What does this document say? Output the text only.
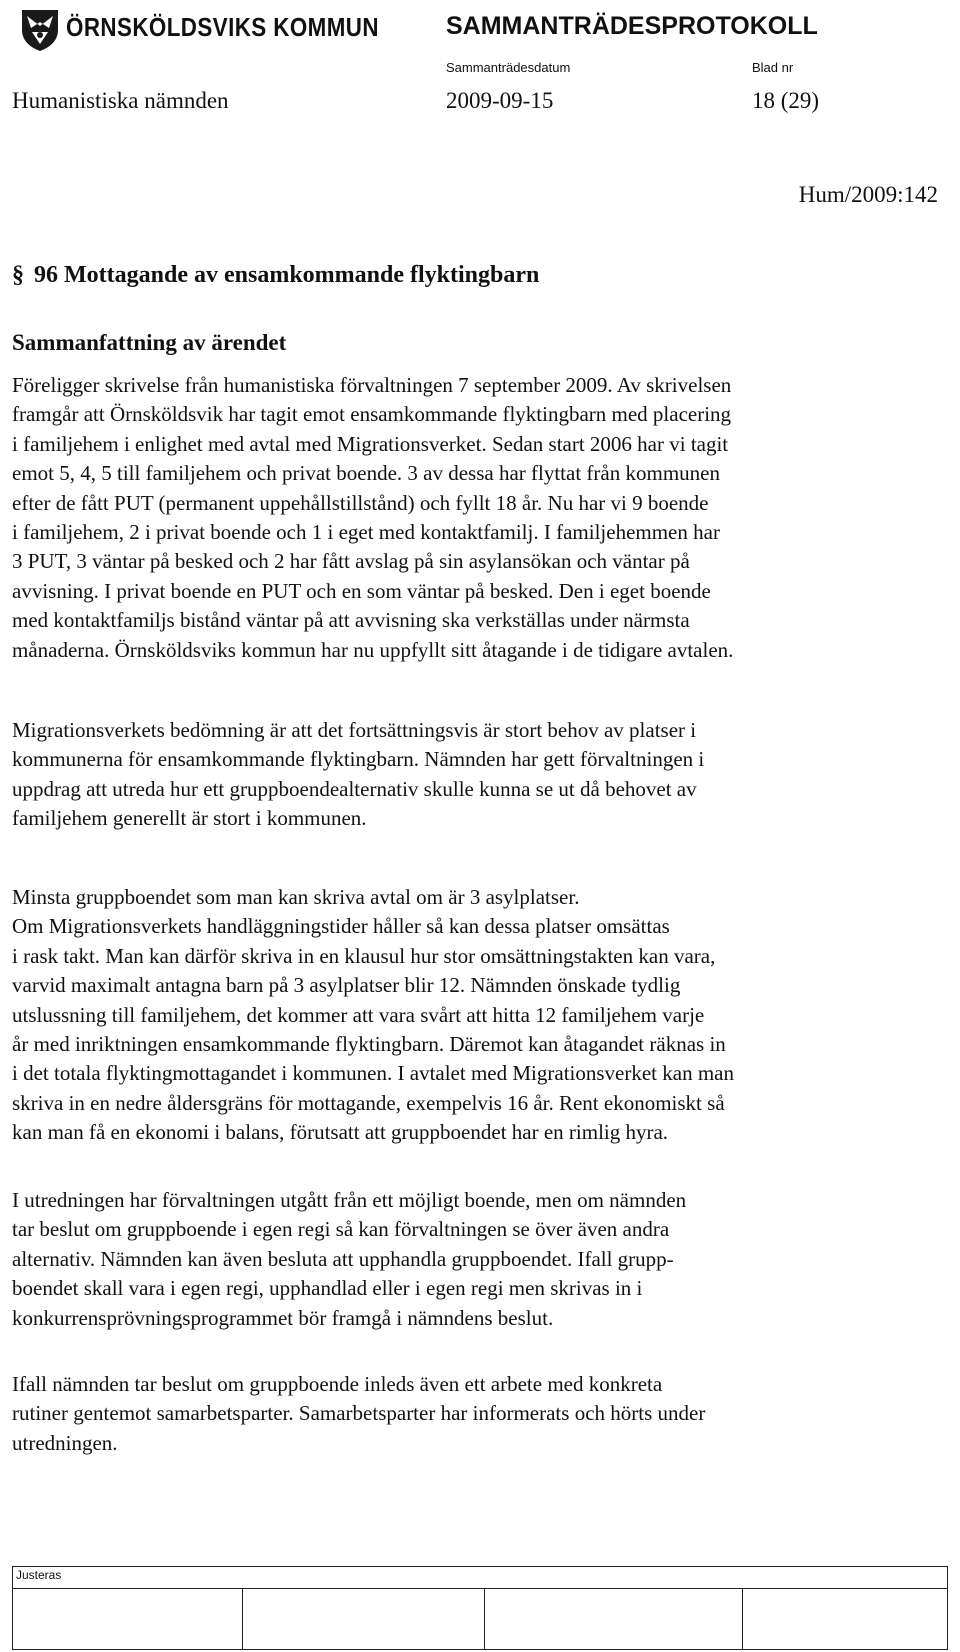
ÖRNSKÖLDSVIKS KOMMUN	SAMMANTRÄDESPROTOKOLL
Sammanträdesdatum	Blad nr
Humanistiska nämnden	2009-09-15	18 (29)
Hum/2009:142
§ 96 Mottagande av ensamkommande flyktingbarn
Sammanfattning av ärendet
Föreligger skrivelse från humanistiska förvaltningen 7 september 2009. Av skrivelsen
framgår att Örnsköldsvik har tagit emot ensamkommande flyktingbarn med placering
i familjehem i enlighet med avtal med Migrationsverket. Sedan start 2006 har vi tagit
emot 5, 4, 5 till familjehem och privat boende. 3 av dessa har flyttat från kommunen
efter de fått PUT (permanent uppehållstillstånd) och fyllt 18 år. Nu har vi 9 boende
i familjehem, 2 i privat boende och 1 i eget med kontaktfamilj. I familjehemmen har
3 PUT, 3 väntar på besked och 2 har fått avslag på sin asylansökan och väntar på
avvisning. I privat boende en PUT och en som väntar på besked. Den i eget boende
med kontaktfamiljs bistånd väntar på att avvisning ska verkställas under närmsta
månaderna. Örnsköldsviks kommun har nu uppfyllt sitt åtagande i de tidigare avtalen.
Migrationsverkets bedömning är att det fortsättningsvis är stort behov av platser i
kommunerna för ensamkommande flyktingbarn. Nämnden har gett förvaltningen i
uppdrag att utreda hur ett gruppboendealternativ skulle kunna se ut då behovet av
familjehem generellt är stort i kommunen.
Minsta gruppboendet som man kan skriva avtal om är 3 asylplatser.
Om Migrationsverkets handläggningstider håller så kan dessa platser omsättas
i rask takt. Man kan därför skriva in en klausul hur stor omsättningstakten kan vara,
varvid maximalt antagna barn på 3 asylplatser blir 12. Nämnden önskade tydlig
utslussning till familjehem, det kommer att vara svårt att hitta 12 familjehem varje
år med inriktningen ensamkommande flyktingbarn. Däremot kan åtagandet räknas in
i det totala flyktingmottagandet i kommunen. I avtalet med Migrationsverket kan man
skriva in en nedre åldersgräns för mottagande, exempelvis 16 år. Rent ekonomiskt så
kan man få en ekonomi i balans, förutsatt att gruppboendet har en rimlig hyra.
I utredningen har förvaltningen utgått från ett möjligt boende, men om nämnden
tar beslut om gruppboende i egen regi så kan förvaltningen se över även andra
alternativ. Nämnden kan även besluta att upphandla gruppboendet. Ifall grupp-
boendet skall vara i egen regi, upphandlad eller i egen regi men skrivas in i
konkurrensprövningsprogrammet bör framgå i nämndens beslut.
Ifall nämnden tar beslut om gruppboende inleds även ett arbete med konkreta
rutiner gentemot samarbetsparter. Samarbetsparter har informerats och hörts under
utredningen.

Justeras
